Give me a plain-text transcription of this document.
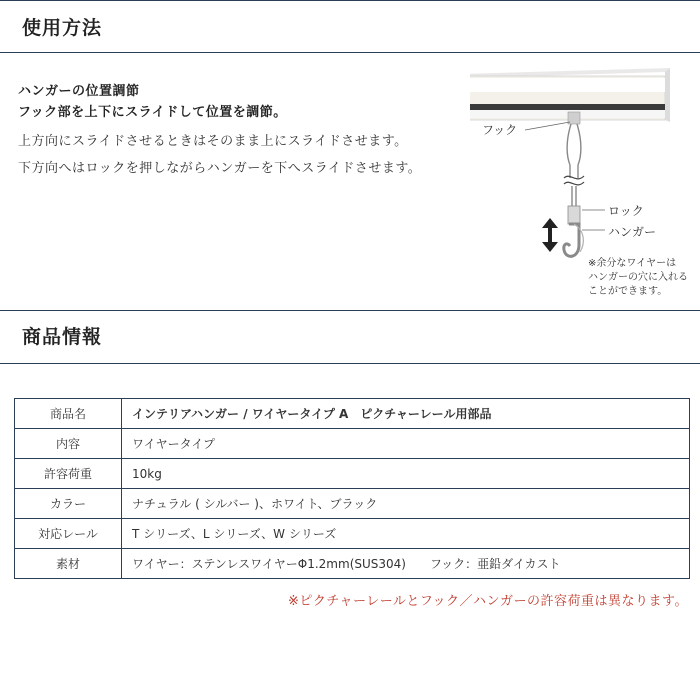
使用方法
ハンガーの位置調節
フック部を上下にスライドして位置を調節。
上方向にスライドさせるときはそのまま上にスライドさせます。
下方向へはロックを押しながらハンガーを下へスライドさせます。
フック
ロック
ハンガー
※余分なワイヤーは
ハンガーの穴に入れる
ことができます。
商品情報
商品名	インテリアハンガー / ワイヤータイプ A　ピクチャーレール用部品
内容	ワイヤータイプ
許容荷重	10kg
カラー	ナチュラル ( シルバー )、ホワイト、ブラック
対応レール	T シリーズ、L シリーズ、W シリーズ
素材	ワイヤー：ステンレスワイヤーΦ1.2mm(SUS304)　　フック：亜鉛ダイカスト
※ピクチャーレールとフック／ハンガーの許容荷重は異なります。
